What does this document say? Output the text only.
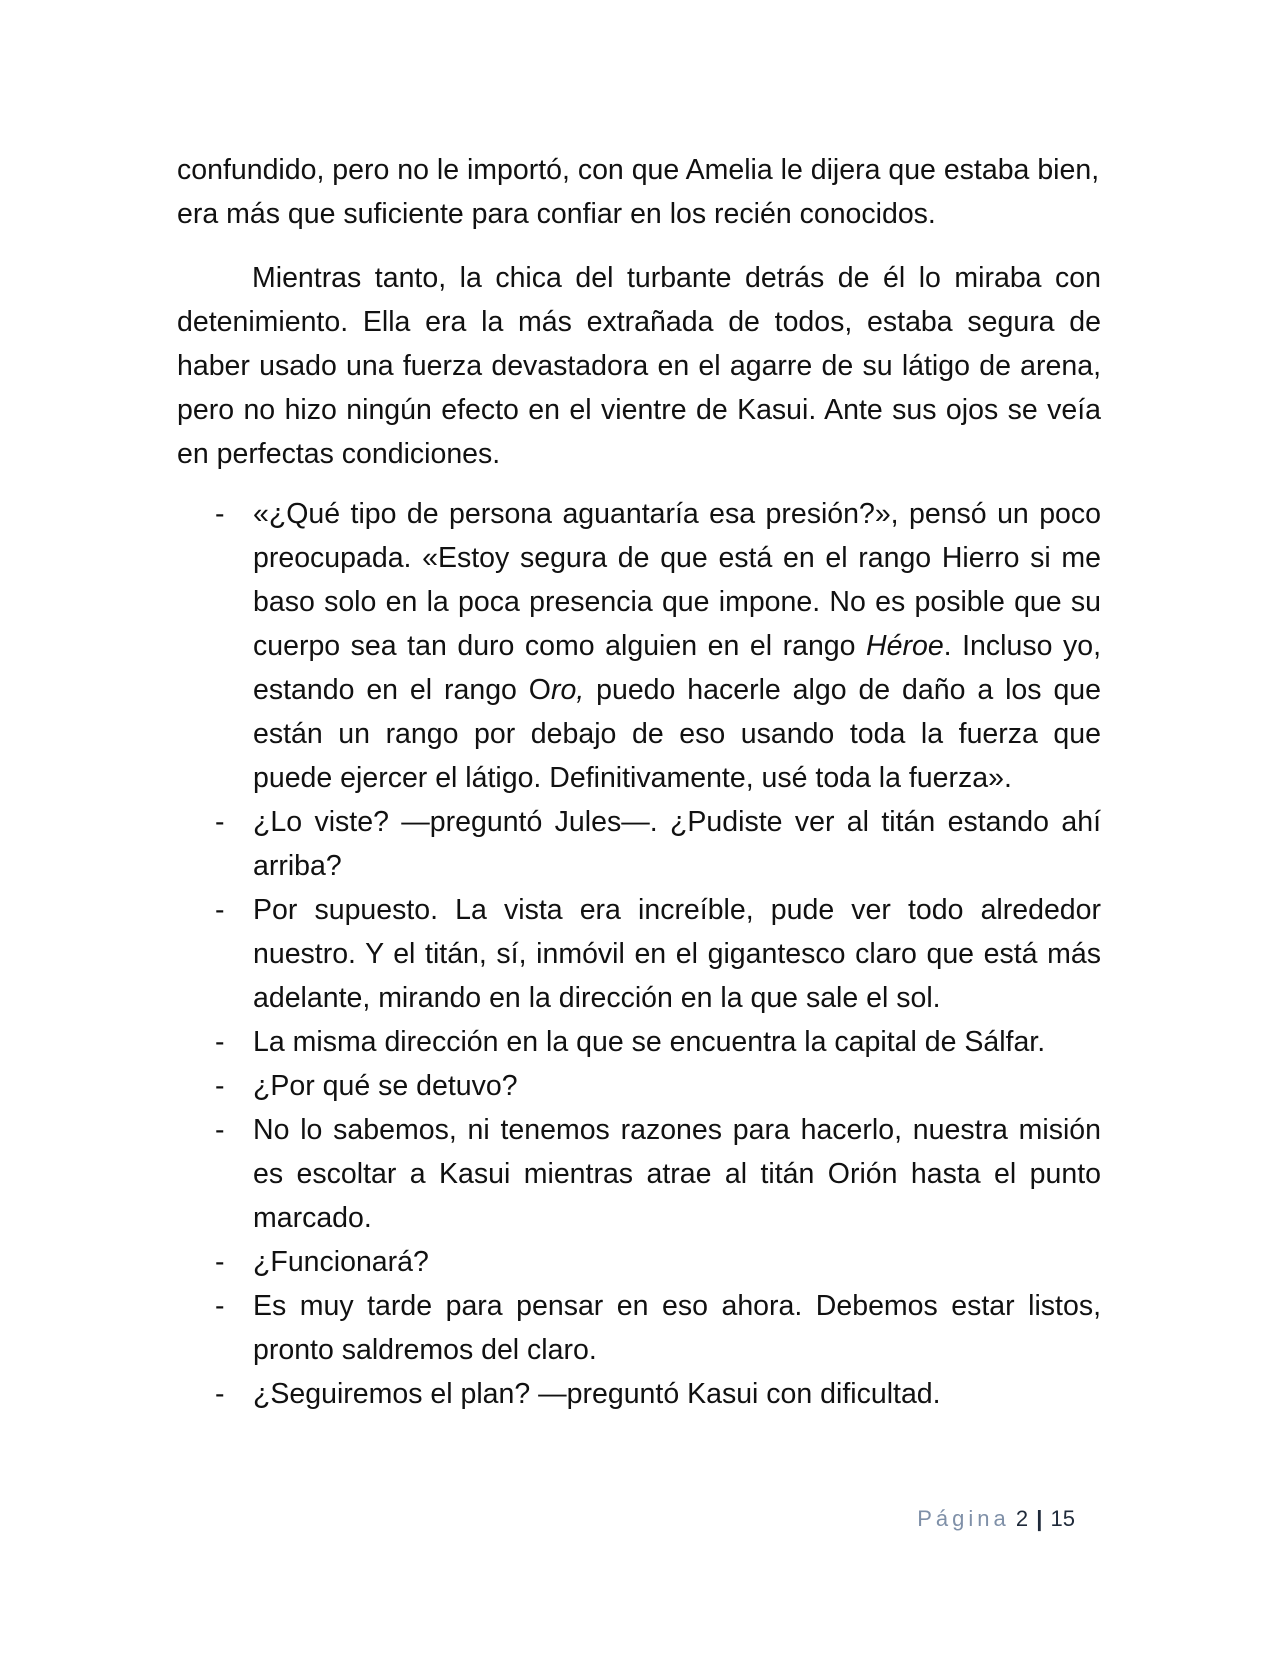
confundido, pero no le importó, con que Amelia le dijera que estaba bien, era más que suficiente para confiar en los recién conocidos.

Mientras tanto, la chica del turbante detrás de él lo miraba con detenimiento. Ella era la más extrañada de todos, estaba segura de haber usado una fuerza devastadora en el agarre de su látigo de arena, pero no hizo ningún efecto en el vientre de Kasui. Ante sus ojos se veía en perfectas condiciones.

- «¿Qué tipo de persona aguantaría esa presión?», pensó un poco preocupada. «Estoy segura de que está en el rango Hierro si me baso solo en la poca presencia que impone. No es posible que su cuerpo sea tan duro como alguien en el rango Héroe. Incluso yo, estando en el rango Oro, puedo hacerle algo de daño a los que están un rango por debajo de eso usando toda la fuerza que puede ejercer el látigo. Definitivamente, usé toda la fuerza».
- ¿Lo viste? —preguntó Jules—. ¿Pudiste ver al titán estando ahí arriba?
- Por supuesto. La vista era increíble, pude ver todo alrededor nuestro. Y el titán, sí, inmóvil en el gigantesco claro que está más adelante, mirando en la dirección en la que sale el sol.
- La misma dirección en la que se encuentra la capital de Sálfar.
- ¿Por qué se detuvo?
- No lo sabemos, ni tenemos razones para hacerlo, nuestra misión es escoltar a Kasui mientras atrae al titán Orión hasta el punto marcado.
- ¿Funcionará?
- Es muy tarde para pensar en eso ahora. Debemos estar listos, pronto saldremos del claro.
- ¿Seguiremos el plan? —preguntó Kasui con dificultad.
Página 2 | 15
